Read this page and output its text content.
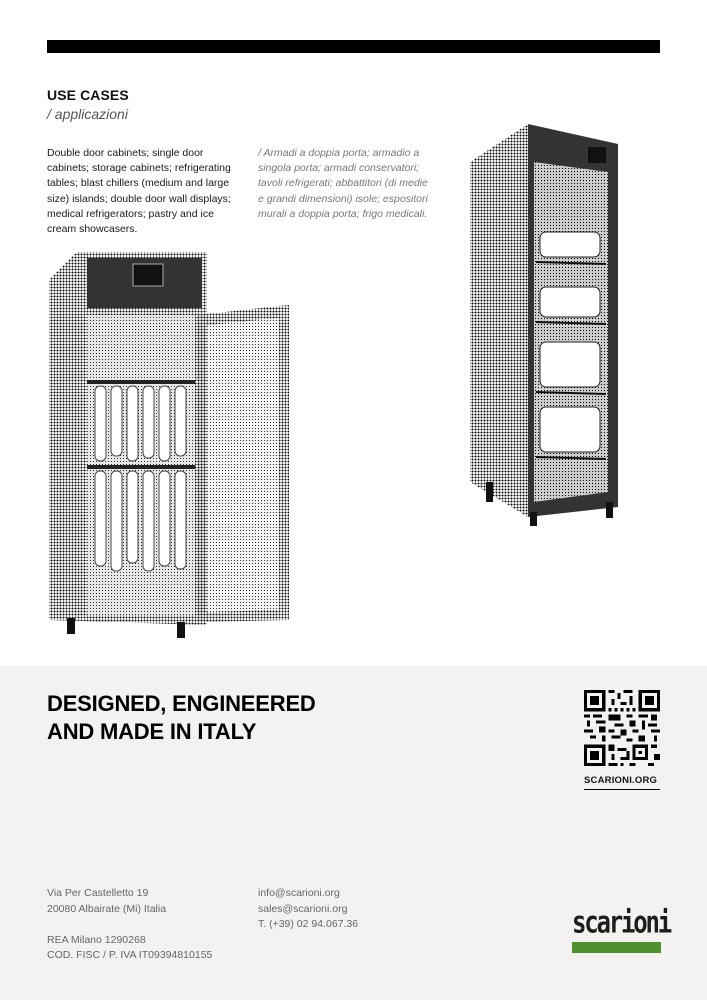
USE CASES
/ applicazioni
Double door cabinets; single door
cabinets; storage cabinets; refrigerating
tables; blast chillers (medium and large
size) islands; double door wall displays;
medical refrigerators; pastry and ice
cream showcasers.
/ Armadi a doppia porta; armadio a
singola porta; armadi conservatori;
tavoli refrigerati; abbattitori (di medie
e grandi dimensioni) isole; espositori
murali a doppia porta; frigo medicali.
DESIGNED, ENGINEERED
AND MADE IN ITALY
SCARIONI.ORG
Via Per Castelletto 19
20080 Albairate (Mi) Italia
REA Milano 1290268
COD. FISC / P. IVA IT09394810155
info@scarioni.org
sales@scarioni.org
T. (+39) 02 94.067.36	scarioni
